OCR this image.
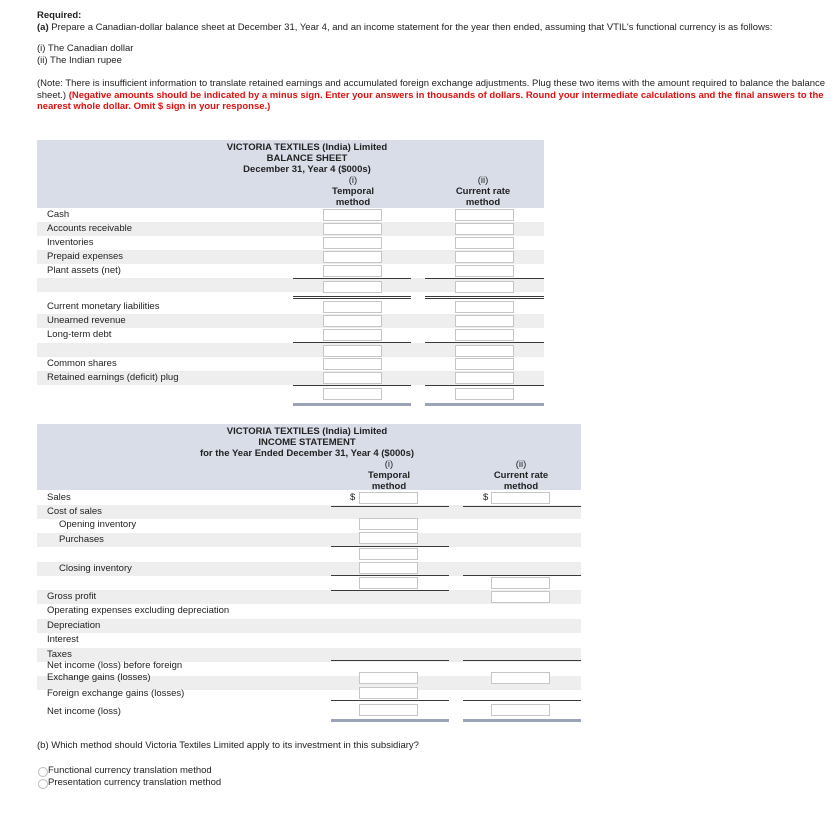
Required:

(a) Prepare a Canadian-dollar balance sheet at December 31, Year 4, and an income statement for the year then ended, assuming that VTIL's functional currency is as follows:

(i) The Canadian dollar

(ii) The Indian rupee

(Note: There is insufficient information to translate retained earnings and accumulated foreign exchange adjustments. Plug these two items with the amount required to balance the balance sheet.) (Negative amounts should be indicated by a minus sign. Enter your answers in thousands of dollars. Round your intermediate calculations and the final answers to the nearest whole dollar. Omit $ sign in your response.)

VICTORIA TEXTILES (India) Limited
BALANCE SHEET
December 31, Year 4 ($000s)
(i)
Temporal
method
(ii)
Current rate
method
Cash
Accounts receivable
Inventories
Prepaid expenses
Plant assets (net)
Current monetary liabilities
Unearned revenue
Long-term debt
Common shares
Retained earnings (deficit) plug
VICTORIA TEXTILES (India) Limited
INCOME STATEMENT
for the Year Ended December 31, Year 4 ($000s)
(i)
Temporal
method
(ii)
Current rate
method
Sales
Cost of sales
Opening inventory
Purchases
Closing inventory
Gross profit
Operating expenses excluding depreciation
Depreciation
Interest
Taxes
Net income (loss) before foreign
Exchange gains (losses)
Foreign exchange gains (losses)
Net income (loss)
$	$
(b) Which method should Victoria Textiles Limited apply to its investment in this subsidiary?
Functional currency translation method
Presentation currency translation method
